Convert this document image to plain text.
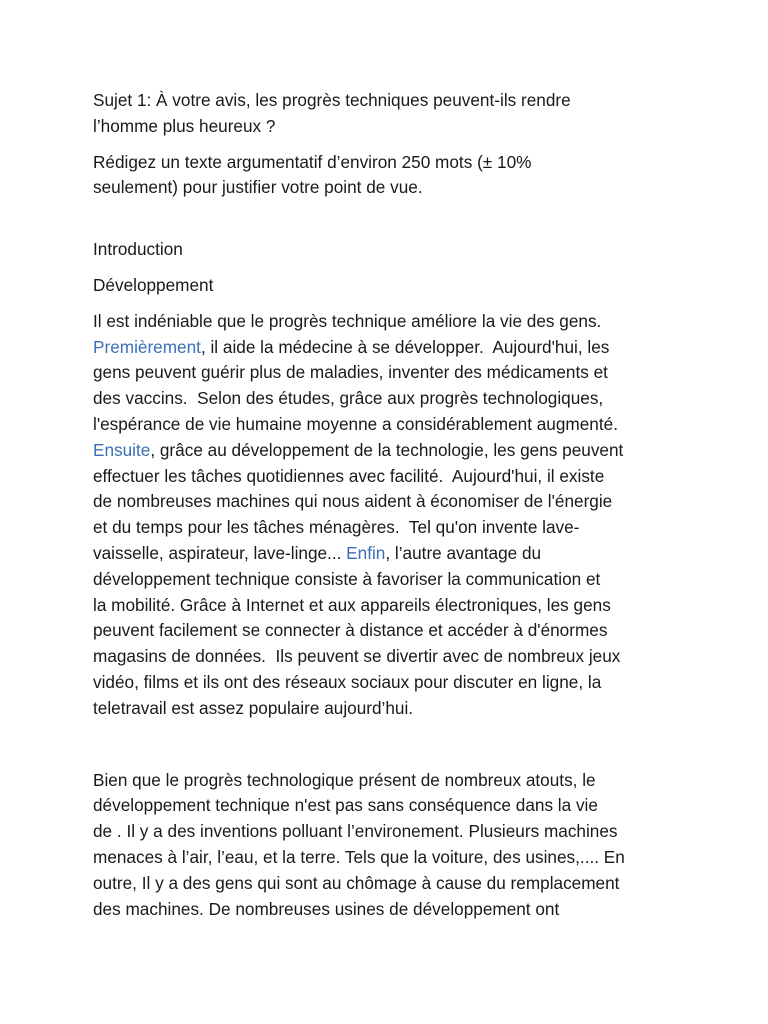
Sujet 1: À votre avis, les progrès techniques peuvent-ils rendre
l’homme plus heureux ?
Rédigez un texte argumentatif d’environ 250 mots (± 10%
seulement) pour justifier votre point de vue.
Introduction
Développement
Il est indéniable que le progrès technique améliore la vie des gens.
Premièrement, il aide la médecine à se développer.  Aujourd'hui, les
gens peuvent guérir plus de maladies, inventer des médicaments et
des vaccins.  Selon des études, grâce aux progrès technologiques,
l'espérance de vie humaine moyenne a considérablement augmenté.
Ensuite, grâce au développement de la technologie, les gens peuvent
effectuer les tâches quotidiennes avec facilité.  Aujourd'hui, il existe
de nombreuses machines qui nous aident à économiser de l'énergie
et du temps pour les tâches ménagères.  Tel qu'on invente lave-
vaisselle, aspirateur, lave-linge... Enfin, l’autre avantage du
développement technique consiste à favoriser la communication et
la mobilité. Grâce à Internet et aux appareils électroniques, les gens
peuvent facilement se connecter à distance et accéder à d'énormes
magasins de données.  Ils peuvent se divertir avec de nombreux jeux
vidéo, films et ils ont des réseaux sociaux pour discuter en ligne, la
teletravail est assez populaire aujourd’hui.
Bien que le progrès technologique présent de nombreux atouts, le
développement technique n'est pas sans conséquence dans la vie
de . Il y a des inventions polluant l’environement. Plusieurs machines
menaces à l’air, l’eau, et la terre. Tels que la voiture, des usines,.... En
outre, Il y a des gens qui sont au chômage à cause du remplacement
des machines. De nombreuses usines de développement ont
